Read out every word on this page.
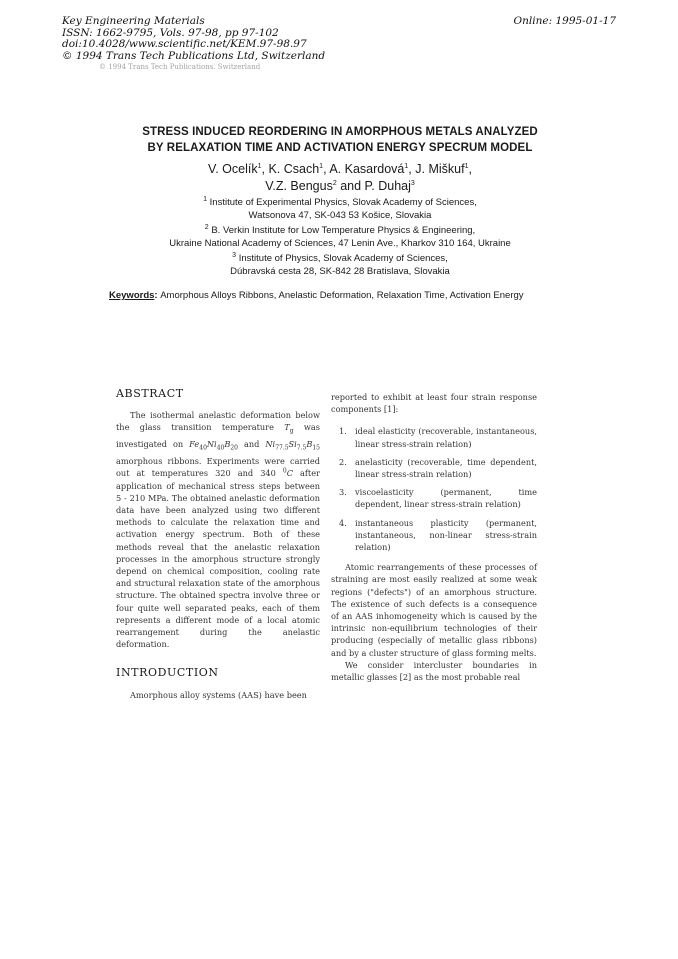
Key Engineering Materials
ISSN: 1662-9795, Vols. 97-98, pp 97-102
doi:10.4028/www.scientific.net/KEM.97-98.97
© 1994 Trans Tech Publications Ltd, Switzerland
Online: 1995-01-17
© 1994 Trans Tech Publications, Switzerland
STRESS INDUCED REORDERING IN AMORPHOUS METALS ANALYZED
BY RELAXATION TIME AND ACTIVATION ENERGY SPECRUM MODEL
V. Ocelík$^1$, K. Csach$^1$, A. Kasardová$^1$, J. Miškuf$^1$,
V.Z. Bengus$^2$ and P. Duhaj$^3$
$^1$ Institute of Experimental Physics, Slovak Academy of Sciences,
Watsonova 47, SK-043 53 Košice, Slovakia
$^2$ B. Verkin Institute for Low Temperature Physics & Engineering,
Ukraine National Academy of Sciences, 47 Lenin Ave., Kharkov 310 164, Ukraine
$^3$ Institute of Physics, Slovak Academy of Sciences,
Dúbravská cesta 28, SK-842 28 Bratislava, Slovakia
Keywords: Amorphous Alloys Ribbons, Anelastic Deformation, Relaxation Time, Activation Energy
ABSTRACT

The isothermal anelastic deformation below the glass transition temperature $T_g$ was investigated on $Fe_{40}Ni_{40}B_{20}$ and $Ni_{77.5}Si_{7.5}B_{15}$ amorphous ribbons. Experiments were carried out at temperatures 320 and 340 $^0$C after application of mechanical stress steps between 5 - 210 MPa. The obtained anelastic deformation data have been analyzed using two different methods to calculate the relaxation time and activation energy spectrum. Both of these methods reveal that the anelastic relaxation processes in the amorphous structure strongly depend on chemical composition, cooling rate and structural relaxation state of the amorphous structure. The obtained spectra involve three or four quite well separated peaks, each of them represents a different mode of a local atomic rearrangement during the anelastic deformation.

INTRODUCTION

Amorphous alloy systems (AAS) have been

reported to exhibit at least four strain response components [1]:

1. ideal elasticity (recoverable, instantaneous, linear stress-strain relation)
2. anelasticity (recoverable, time dependent, linear stress-strain relation)
3. viscoelasticity (permanent, time dependent, linear stress-strain relation)
4. instantaneous plasticity (permanent, instantaneous, non-linear stress-strain relation)

Atomic rearrangements of these processes of straining are most easily realized at some weak regions ("defects") of an amorphous structure. The existence of such defects is a consequence of an AAS inhomogeneity which is caused by the intrinsic non-equilibrium technologies of their producing (especially of metallic glass ribbons) and by a cluster structure of glass forming melts.

We consider intercluster boundaries in metallic glasses [2] as the most probable real
